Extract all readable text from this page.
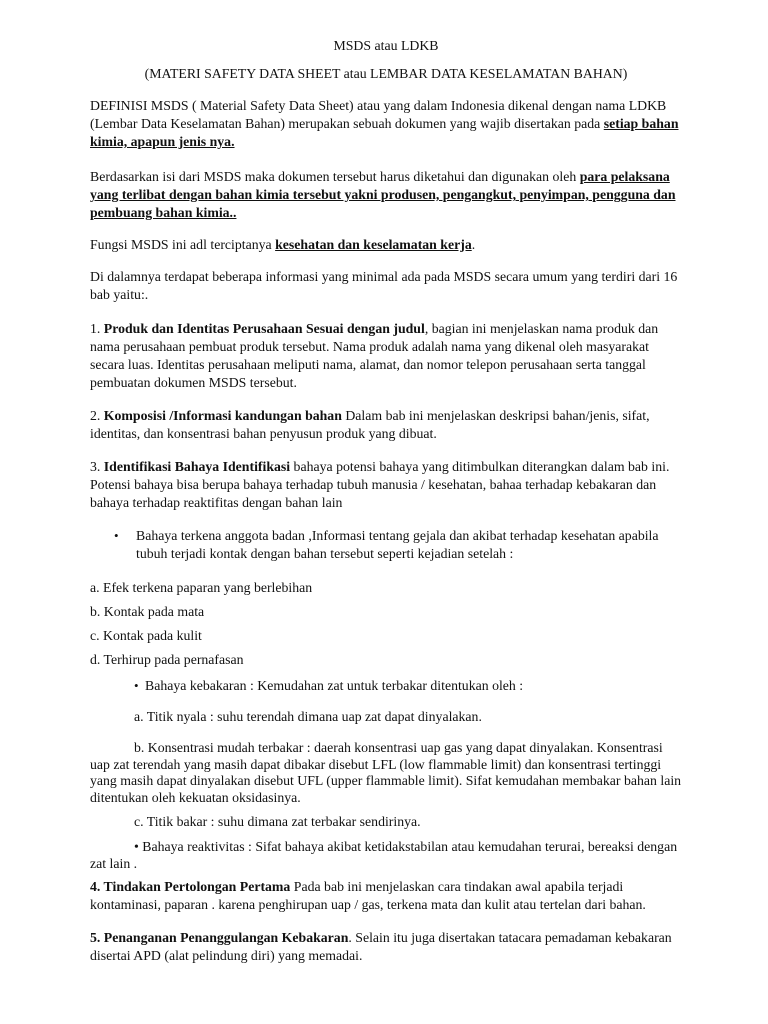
MSDS atau LDKB
(MATERI SAFETY DATA SHEET atau LEMBAR DATA KESELAMATAN BAHAN)

DEFINISI MSDS ( Material Safety Data Sheet) atau yang dalam Indonesia dikenal dengan nama LDKB (Lembar Data Keselamatan Bahan) merupakan sebuah dokumen yang wajib disertakan pada setiap bahan kimia, apapun jenis nya.

Berdasarkan isi dari MSDS maka dokumen tersebut harus diketahui dan digunakan oleh para pelaksana yang terlibat dengan bahan kimia tersebut yakni produsen, pengangkut, penyimpan, pengguna dan pembuang bahan kimia..

Fungsi MSDS ini adl terciptanya kesehatan dan keselamatan kerja.

Di dalamnya terdapat beberapa informasi yang minimal ada pada MSDS secara umum yang terdiri dari 16 bab yaitu:.

1. Produk dan Identitas Perusahaan Sesuai dengan judul, bagian ini menjelaskan nama produk dan nama perusahaan pembuat produk tersebut. Nama produk adalah nama yang dikenal oleh masyarakat secara luas. Identitas perusahaan meliputi nama, alamat, dan nomor telepon perusahaan serta tanggal pembuatan dokumen MSDS tersebut.

2. Komposisi /Informasi kandungan bahan Dalam bab ini menjelaskan deskripsi bahan/jenis, sifat, identitas, dan konsentrasi bahan penyusun produk yang dibuat.

3. Identifikasi Bahaya Identifikasi bahaya potensi bahaya yang ditimbulkan diterangkan dalam bab ini. Potensi bahaya bisa berupa bahaya terhadap tubuh manusia / kesehatan, bahaa terhadap kebakaran dan bahaya terhadap reaktifitas dengan bahan lain

• Bahaya terkena anggota badan ,Informasi tentang gejala dan akibat terhadap kesehatan apabila tubuh terjadi kontak dengan bahan tersebut seperti kejadian setelah :

a. Efek terkena paparan yang berlebihan

b. Kontak pada mata

c. Kontak pada kulit

d. Terhirup pada pernafasan

• Bahaya kebakaran : Kemudahan zat untuk terbakar ditentukan oleh :

a. Titik nyala : suhu terendah dimana uap zat dapat dinyalakan.

b. Konsentrasi mudah terbakar : daerah konsentrasi uap gas yang dapat dinyalakan. Konsentrasi uap zat terendah yang masih dapat dibakar disebut LFL (low flammable limit) dan konsentrasi tertinggi yang masih dapat dinyalakan disebut UFL (upper flammable limit). Sifat kemudahan membakar bahan lain ditentukan oleh kekuatan oksidasinya.

c. Titik bakar : suhu dimana zat terbakar sendirinya.

• Bahaya reaktivitas : Sifat bahaya akibat ketidakstabilan atau kemudahan terurai, bereaksi dengan zat lain .

4. Tindakan Pertolongan Pertama Pada bab ini menjelaskan cara tindakan awal apabila terjadi kontaminasi, paparan . karena penghirupan uap / gas, terkena mata dan kulit atau tertelan dari bahan.

5. Penanganan Penanggulangan Kebakaran. Selain itu juga disertakan tatacara pemadaman kebakaran disertai APD (alat pelindung diri) yang memadai.
